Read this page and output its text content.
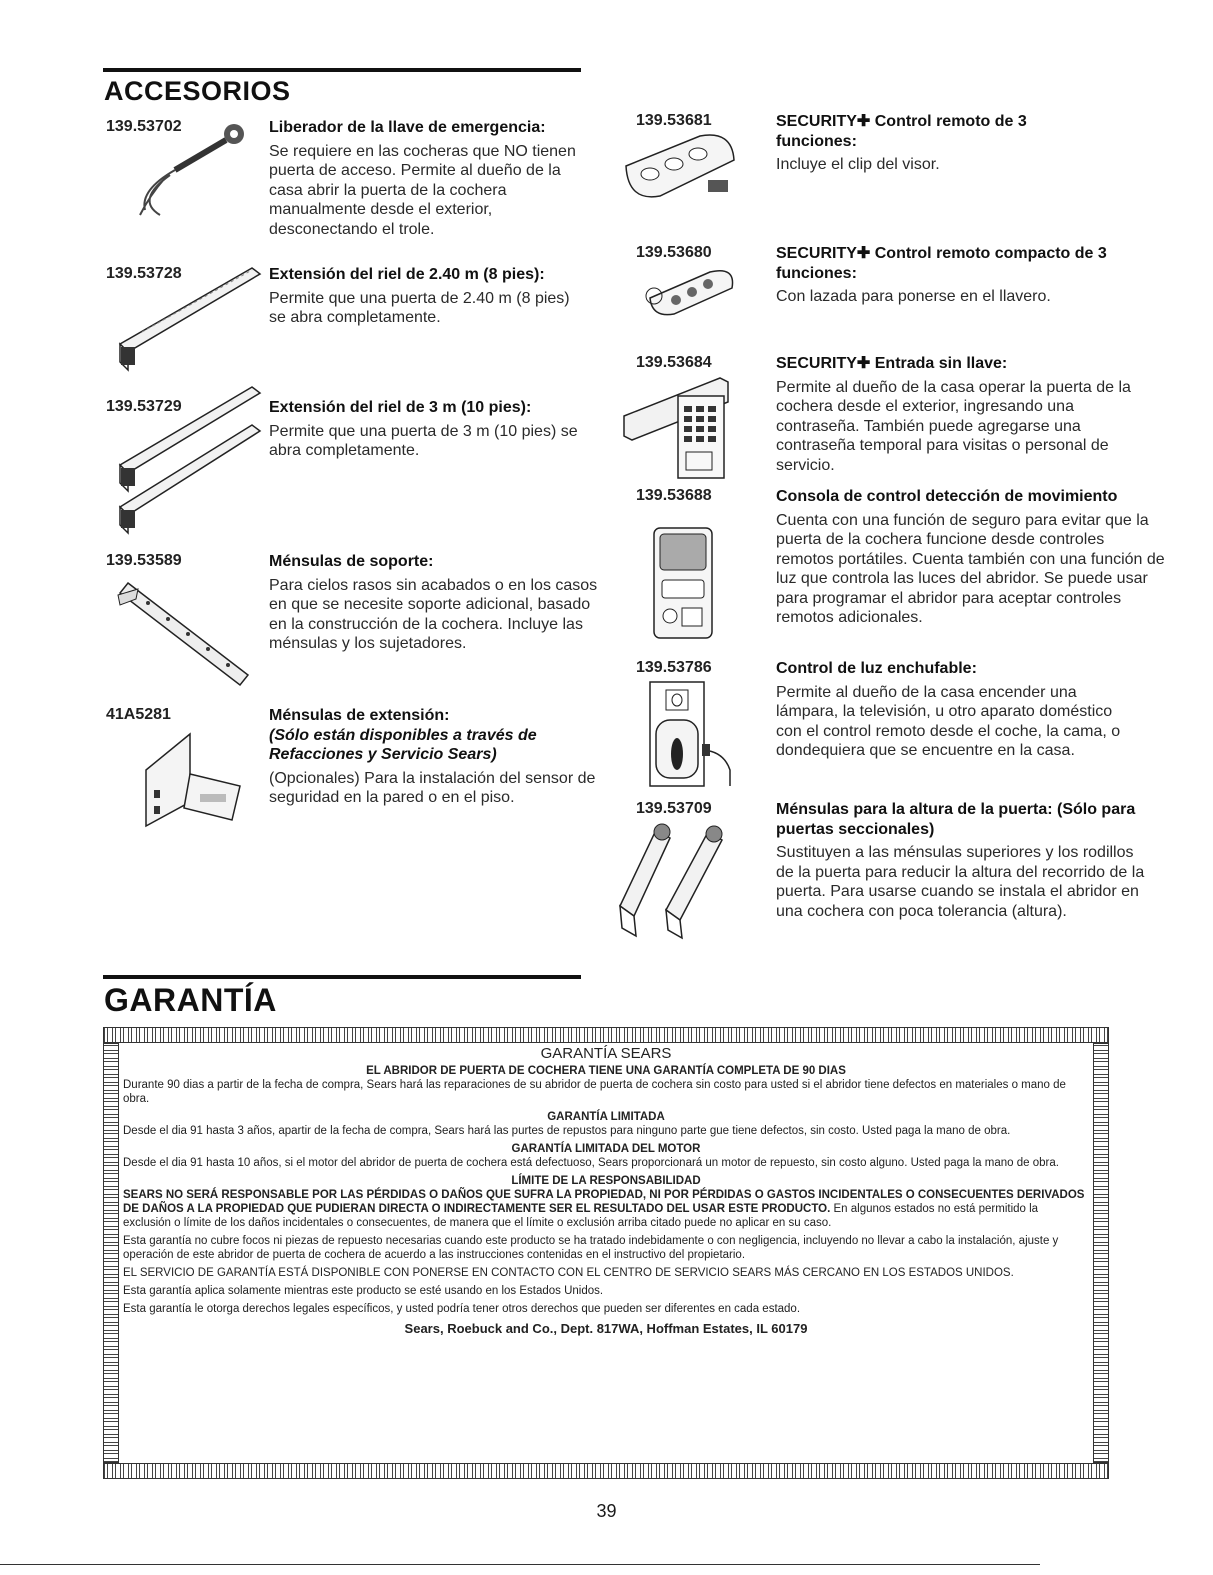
ACCESORIOS
139.53702	Liberador de la llave de emergencia:
Se requiere en las cocheras que NO tienen puerta de acceso. Permite al dueño de la casa abrir la puerta de la cochera manualmente desde el exterior, desconectando el trole.
139.53728	Extensión del riel de 2.40 m (8 pies):
Permite que una puerta de 2.40 m (8 pies) se abra completamente.
139.53729	Extensión del riel de 3 m (10 pies):
Permite que una puerta de 3 m (10 pies) se abra completamente.
139.53589	Ménsulas de soporte:
Para cielos rasos sin acabados o en los casos en que se necesite soporte adicional, basado en la construcción de la cochera. Incluye las ménsulas y los sujetadores.
41A5281	Ménsulas de extensión:
(Sólo están disponibles a través de Refacciones y Servicio Sears)
(Opcionales) Para la instalación del sensor de seguridad en la pared o en el piso.
139.53681	SECURITY✚ Control remoto de 3 funciones:
Incluye el clip del visor.
139.53680	SECURITY✚ Control remoto compacto de 3 funciones:
Con lazada para ponerse en el llavero.
139.53684	SECURITY✚ Entrada sin llave:
Permite al dueño de la casa operar la puerta de la cochera desde el exterior, ingresando una contraseña. También puede agregarse una contraseña temporal para visitas o personal de servicio.
139.53688	Consola de control detección de movimiento
Cuenta con una función de seguro para evitar que la puerta de la cochera funcione desde controles remotos portátiles. Cuenta también con una función de luz que controla las luces del abridor. Se puede usar para programar el abridor para aceptar controles remotos adicionales.
139.53786	Control de luz enchufable:
Permite al dueño de la casa encender una lámpara, la televisión, u otro aparato doméstico con el control remoto desde el coche, la cama, o dondequiera que se encuentre en la casa.
139.53709	Ménsulas para la altura de la puerta: (Sólo para puertas seccionales)
Sustituyen a las ménsulas superiores y los rodillos de la puerta para reducir la altura del recorrido de la puerta. Para usarse cuando se instala el abridor en una cochera con poca tolerancia (altura).
GARANTÍA
GARANTÍA SEARS
EL ABRIDOR DE PUERTA DE COCHERA TIENE UNA GARANTÍA COMPLETA DE 90 DIAS

Durante 90 dias a partir de la fecha de compra, Sears hará las reparaciones de su abridor de puerta de cochera sin costo para usted si el abridor tiene defectos en materiales o mano de obra.

GARANTÍA LIMITADA

Desde el dia 91 hasta 3 años, apartir de la fecha de compra, Sears hará las purtes de repustos para ninguno parte gue tiene defectos, sin costo. Usted paga la mano de obra.

GARANTÍA LIMITADA DEL MOTOR

Desde el dia 91 hasta 10 años, si el motor del abridor de puerta de cochera está defectuoso, Sears proporcionará un motor de repuesto, sin costo alguno. Usted paga la mano de obra.

LÍMITE DE LA RESPONSABILIDAD

SEARS NO SERÁ RESPONSABLE POR LAS PÉRDIDAS O DAÑOS QUE SUFRA LA PROPIEDAD, NI POR PÉRDIDAS O GASTOS INCIDENTALES O CONSECUENTES DERIVADOS DE DAÑOS A LA PROPIEDAD QUE PUDIERAN DIRECTA O INDIRECTAMENTE SER EL RESULTADO DEL USAR ESTE PRODUCTO. En algunos estados no está permitido la exclusión o límite de los daños incidentales o consecuentes, de manera que el límite o exclusión arriba citado puede no aplicar en su caso.

Esta garantía no cubre focos ni piezas de repuesto necesarias cuando este producto se ha tratado indebidamente o con negligencia, incluyendo no llevar a cabo la instalación, ajuste y operación de este abridor de puerta de cochera de acuerdo a las instrucciones contenidas en el instructivo del propietario.

EL SERVICIO DE GARANTÍA ESTÁ DISPONIBLE CON PONERSE EN CONTACTO CON EL CENTRO DE SERVICIO SEARS MÁS CERCANO EN LOS ESTADOS UNIDOS.

Esta garantía aplica solamente mientras este producto se esté usando en los Estados Unidos.

Esta garantía le otorga derechos legales específicos, y usted podría tener otros derechos que pueden ser diferentes en cada estado.

Sears, Roebuck and Co., Dept. 817WA, Hoffman Estates, IL 60179
39
